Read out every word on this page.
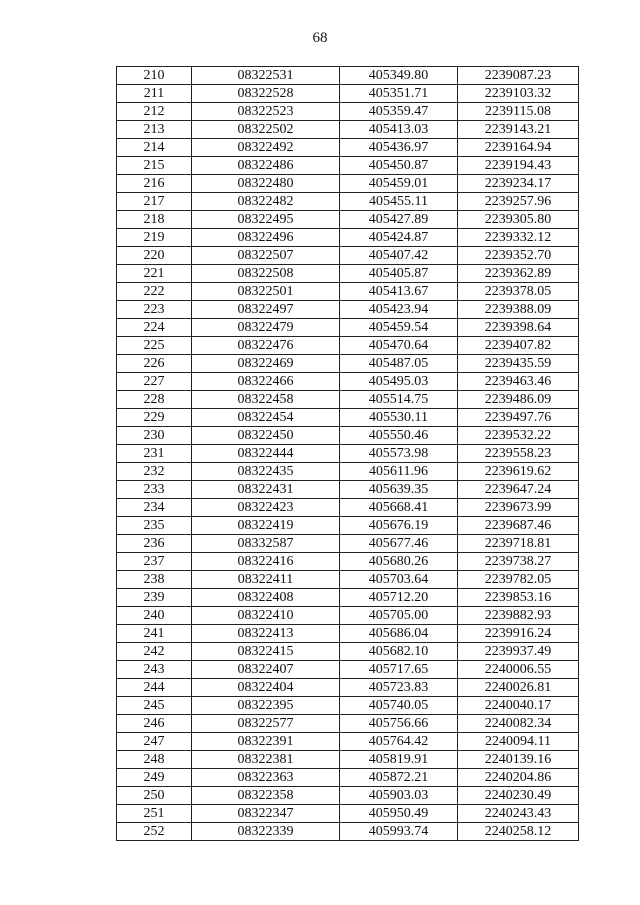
68
210	08322531	405349.80	2239087.23
211	08322528	405351.71	2239103.32
212	08322523	405359.47	2239115.08
213	08322502	405413.03	2239143.21
214	08322492	405436.97	2239164.94
215	08322486	405450.87	2239194.43
216	08322480	405459.01	2239234.17
217	08322482	405455.11	2239257.96
218	08322495	405427.89	2239305.80
219	08322496	405424.87	2239332.12
220	08322507	405407.42	2239352.70
221	08322508	405405.87	2239362.89
222	08322501	405413.67	2239378.05
223	08322497	405423.94	2239388.09
224	08322479	405459.54	2239398.64
225	08322476	405470.64	2239407.82
226	08322469	405487.05	2239435.59
227	08322466	405495.03	2239463.46
228	08322458	405514.75	2239486.09
229	08322454	405530.11	2239497.76
230	08322450	405550.46	2239532.22
231	08322444	405573.98	2239558.23
232	08322435	405611.96	2239619.62
233	08322431	405639.35	2239647.24
234	08322423	405668.41	2239673.99
235	08322419	405676.19	2239687.46
236	08332587	405677.46	2239718.81
237	08322416	405680.26	2239738.27
238	08322411	405703.64	2239782.05
239	08322408	405712.20	2239853.16
240	08322410	405705.00	2239882.93
241	08322413	405686.04	2239916.24
242	08322415	405682.10	2239937.49
243	08322407	405717.65	2240006.55
244	08322404	405723.83	2240026.81
245	08322395	405740.05	2240040.17
246	08322577	405756.66	2240082.34
247	08322391	405764.42	2240094.11
248	08322381	405819.91	2240139.16
249	08322363	405872.21	2240204.86
250	08322358	405903.03	2240230.49
251	08322347	405950.49	2240243.43
252	08322339	405993.74	2240258.12
